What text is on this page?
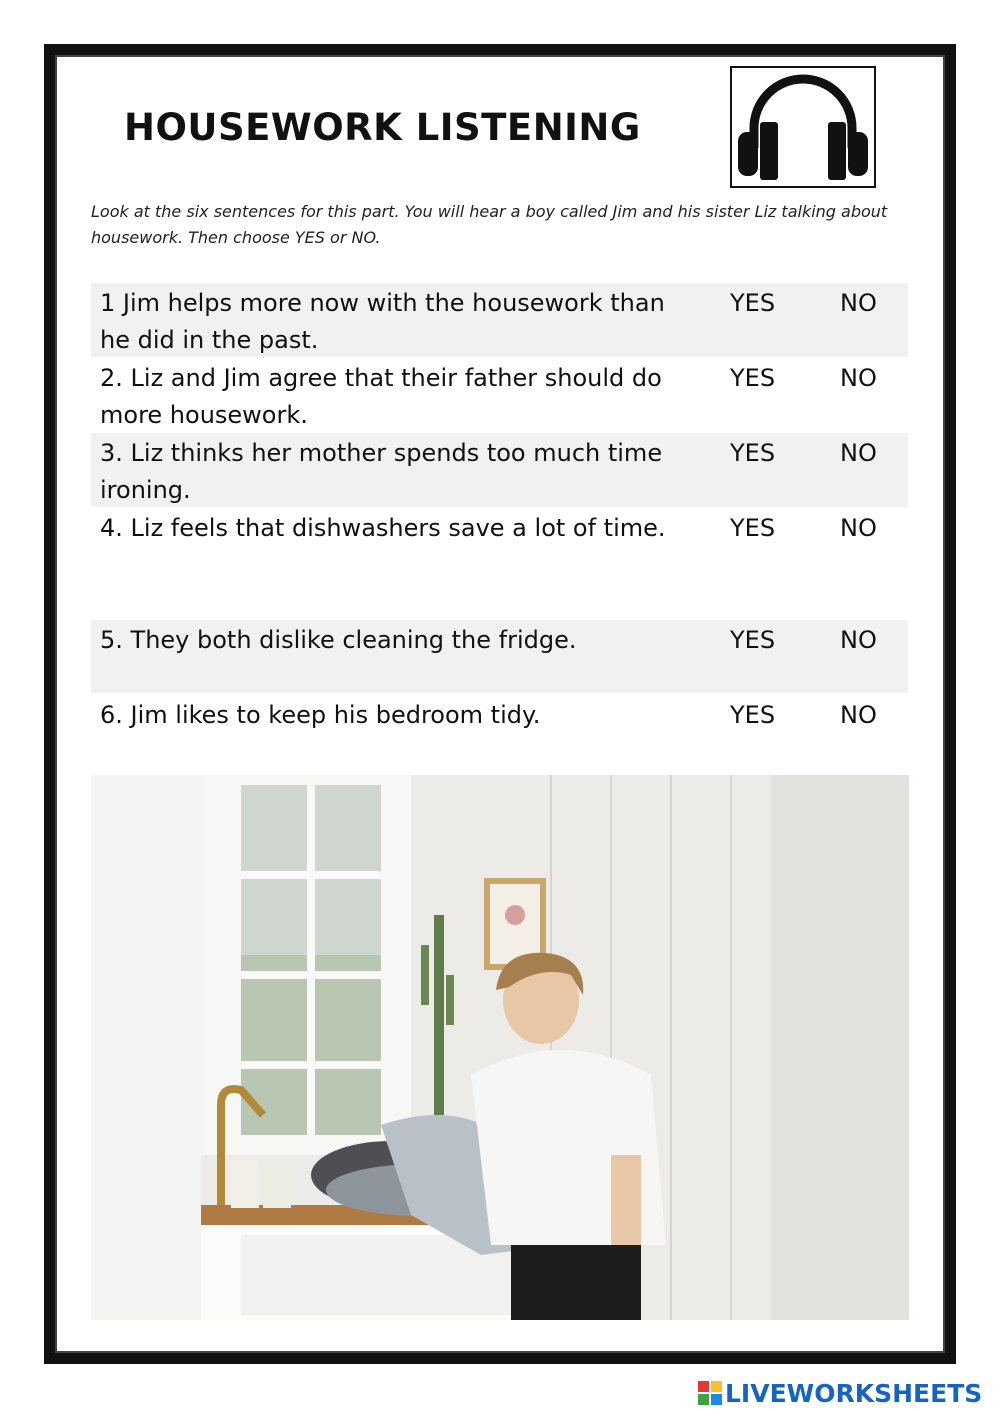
HOUSEWORK LISTENING

Look at the six sentences for this part. You will hear a boy called Jim and his sister Liz talking about housework. Then choose YES or NO.

1 Jim helps more now with the housework than he did in the past.

YES	NO

2. Liz and Jim agree that their father should do more housework.

YES	NO

3. Liz thinks her mother spends too much time ironing.

YES	NO

4. Liz feels that dishwashers save a lot of time.	YES	NO

5. They both dislike cleaning the fridge.	YES	NO

6. Jim likes to keep his bedroom tidy.	YES	NO
LIVEWORKSHEETS
